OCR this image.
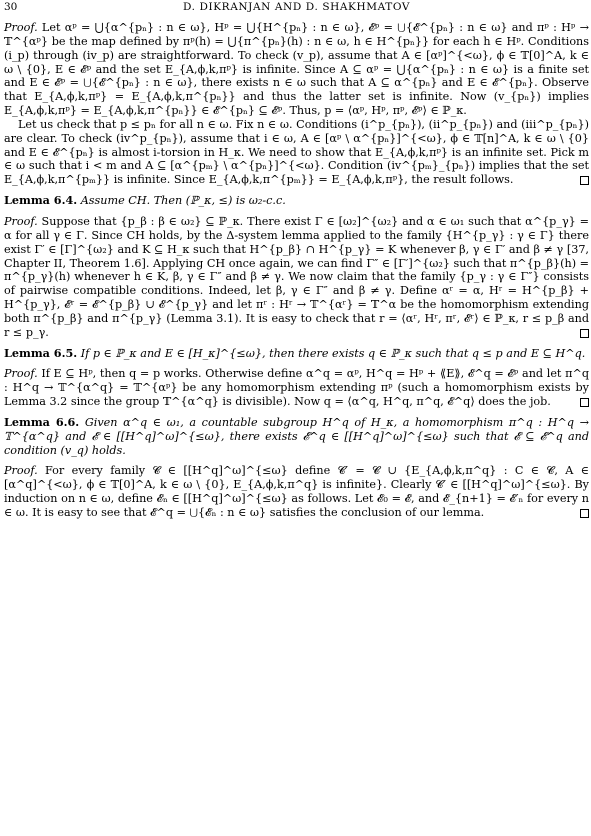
30	D. DIKRANJAN AND D. SHAKHMATOV

Proof. Let αᵖ = ⋃{α^{pₙ} : n ∈ ω}, Hᵖ = ⋃{H^{pₙ} : n ∈ ω}, 𝓔ᵖ = ⋃{𝓔^{pₙ} : n ∈ ω} and πᵖ : Hᵖ → 𝕋^{αᵖ} be the map defined by πᵖ(h) = ⋃{π^{pₙ}(h) : n ∈ ω, h ∈ H^{pₙ}} for each h ∈ Hᵖ. Conditions (i_p) through (iv_p) are straightforward. To check (v_p), assume that A ∈ [αᵖ]^{<ω}, ϕ ∈ 𝕋[0]^A, k ∈ ω \ {0}, E ∈ 𝓔ᵖ and the set E_{A,ϕ,k,πᵖ} is infinite. Since A ⊆ αᵖ = ⋃{α^{pₙ} : n ∈ ω} is a finite set and E ∈ 𝓔ᵖ = ⋃{𝓔^{pₙ} : n ∈ ω}, there exists n ∈ ω such that A ⊆ α^{pₙ} and E ∈ 𝓔^{pₙ}. Observe that E_{A,ϕ,k,πᵖ} = E_{A,ϕ,k,π^{pₙ}} and thus the latter set is infinite. Now (v_{pₙ}) implies E_{A,ϕ,k,πᵖ} = E_{A,ϕ,k,π^{pₙ}} ∈ 𝓔^{pₙ} ⊆ 𝓔ᵖ. Thus, p = ⟨αᵖ, Hᵖ, πᵖ, 𝓔ᵖ⟩ ∈ ℙ_κ.

Let us check that p ≤ pₙ for all n ∈ ω. Fix n ∈ ω. Conditions (i^p_{pₙ}), (ii^p_{pₙ}) and (iii^p_{pₙ}) are clear. To check (iv^p_{pₙ}), assume that i ∈ ω, A ∈ [αᵖ \ α^{pₙ}]^{<ω}, ϕ ∈ 𝕋[n]^A, k ∈ ω \ {0} and E ∈ 𝓔^{pₙ} is almost i-torsion in H_κ. We need to show that E_{A,ϕ,k,πᵖ} is an infinite set. Pick m ∈ ω such that i < m and A ⊆ [α^{pₘ} \ α^{pₙ}]^{<ω}. Condition (iv^{pₘ}_{pₙ}) implies that the set E_{A,ϕ,k,π^{pₘ}} is infinite. Since E_{A,ϕ,k,π^{pₘ}} = E_{A,ϕ,k,πᵖ}, the result follows.

Lemma 6.4. Assume CH. Then (ℙ_κ, ≤) is ω₂-c.c.

Proof. Suppose that {p_β : β ∈ ω₂} ⊆ ℙ_κ. There exist Γ ∈ [ω₂]^{ω₂} and α ∈ ω₁ such that α^{p_γ} = α for all γ ∈ Γ. Since CH holds, by the Δ-system lemma applied to the family {H^{p_γ} : γ ∈ Γ} there exist Γ′ ∈ [Γ]^{ω₂} and K ⊆ H_κ such that H^{p_β} ∩ H^{p_γ} = K whenever β, γ ∈ Γ′ and β ≠ γ [37, Chapter II, Theorem 1.6]. Applying CH once again, we can find Γ″ ∈ [Γ′]^{ω₂} such that π^{p_β}(h) = π^{p_γ}(h) whenever h ∈ K, β, γ ∈ Γ″ and β ≠ γ. We now claim that the family {p_γ : γ ∈ Γ″} consists of pairwise compatible conditions. Indeed, let β, γ ∈ Γ″ and β ≠ γ. Define αʳ = α, Hʳ = H^{p_β} + H^{p_γ}, 𝓔ʳ = 𝓔^{p_β} ∪ 𝓔^{p_γ} and let πʳ : Hʳ → 𝕋^{αʳ} = 𝕋^α be the homomorphism extending both π^{p_β} and π^{p_γ} (Lemma 3.1). It is easy to check that r = ⟨αʳ, Hʳ, πʳ, 𝓔ʳ⟩ ∈ ℙ_κ, r ≤ p_β and r ≤ p_γ.

Lemma 6.5. If p ∈ ℙ_κ and E ∈ [H_κ]^{≤ω}, then there exists q ∈ ℙ_κ such that q ≤ p and E ⊆ H^q.

Proof. If E ⊆ Hᵖ, then q = p works. Otherwise define α^q = αᵖ, H^q = Hᵖ + ⟪E⟫, 𝓔^q = 𝓔ᵖ and let π^q : H^q → 𝕋^{α^q} = 𝕋^{αᵖ} be any homomorphism extending πᵖ (such a homomorphism exists by Lemma 3.2 since the group 𝕋^{α^q} is divisible). Now q = ⟨α^q, H^q, π^q, 𝓔^q⟩ does the job.

Lemma 6.6. Given α^q ∈ ω₁, a countable subgroup H^q of H_κ, a homomorphism π^q : H^q → 𝕋^{α^q} and 𝓔 ∈ [[H^q]^ω]^{≤ω}, there exists 𝓔^q ∈ [[H^q]^ω]^{≤ω} such that 𝓔 ⊆ 𝓔^q and condition (v_q) holds.

Proof. For every family 𝓒 ∈ [[H^q]^ω]^{≤ω} define 𝓒′ = 𝓒 ∪ {E_{A,ϕ,k,π^q} : C ∈ 𝓒, A ∈ [α^q]^{<ω}, ϕ ∈ 𝕋[0]^A, k ∈ ω \ {0}, E_{A,ϕ,k,π^q} is infinite}. Clearly 𝓒′ ∈ [[H^q]^ω]^{≤ω}. By induction on n ∈ ω, define 𝓔ₙ ∈ [[H^q]^ω]^{≤ω} as follows. Let 𝓔₀ = 𝓔, and 𝓔_{n+1} = 𝓔′ₙ for every n ∈ ω. It is easy to see that 𝓔^q = ⋃{𝓔ₙ : n ∈ ω} satisfies the conclusion of our lemma.
